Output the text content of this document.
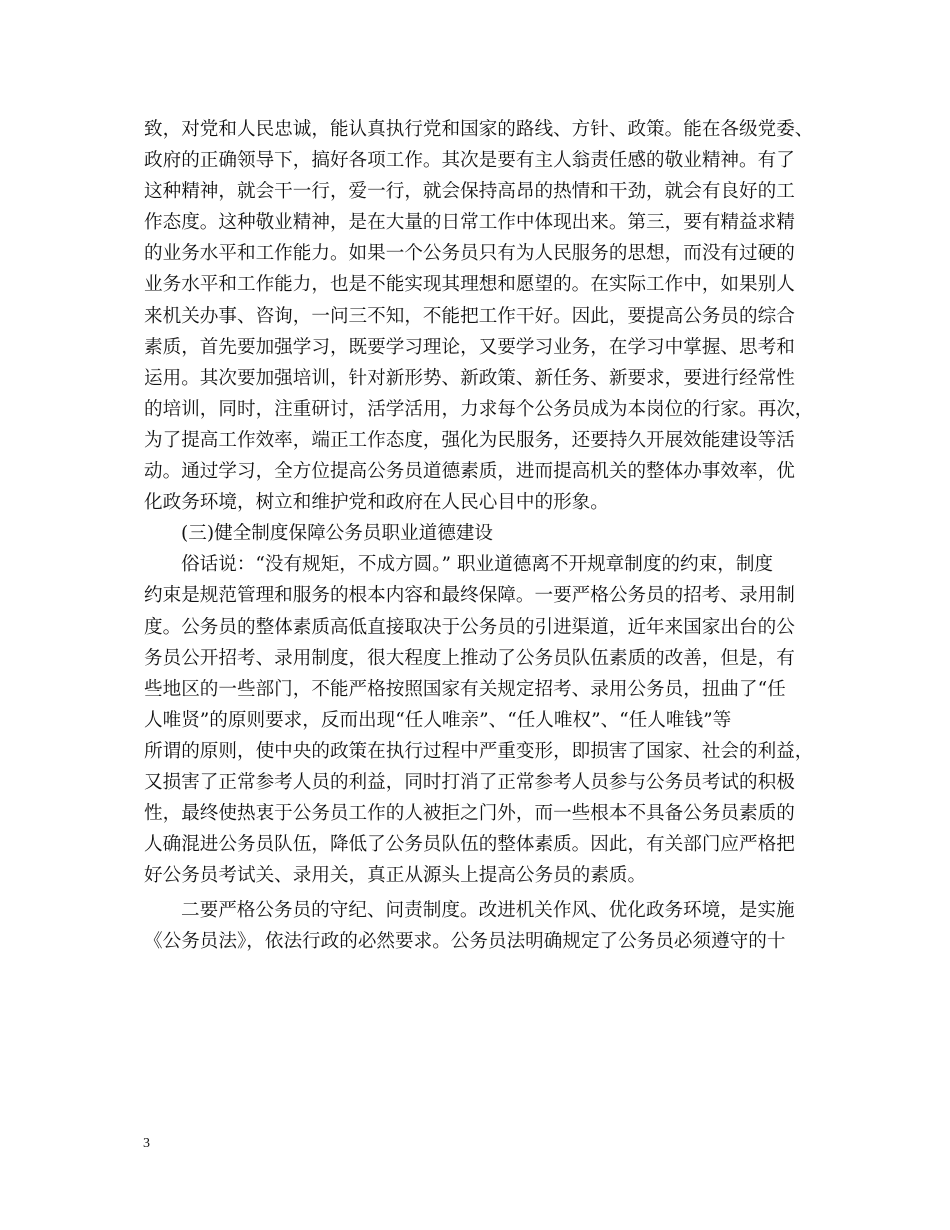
致，对党和人民忠诚，能认真执行党和国家的路线、方针、政策。能在各级党委、
政府的正确领导下，搞好各项工作。其次是要有主人翁责任感的敬业精神。有了
这种精神，就会干一行，爱一行，就会保持高昂的热情和干劲，就会有良好的工
作态度。这种敬业精神，是在大量的日常工作中体现出来。第三，要有精益求精
的业务水平和工作能力。如果一个公务员只有为人民服务的思想，而没有过硬的
业务水平和工作能力，也是不能实现其理想和愿望的。在实际工作中，如果别人
来机关办事、咨询，一问三不知，不能把工作干好。因此，要提高公务员的综合
素质，首先要加强学习，既要学习理论，又要学习业务，在学习中掌握、思考和
运用。其次要加强培训，针对新形势、新政策、新任务、新要求，要进行经常性
的培训，同时，注重研讨，活学活用，力求每个公务员成为本岗位的行家。再次，
为了提高工作效率，端正工作态度，强化为民服务，还要持久开展效能建设等活
动。通过学习，全方位提高公务员道德素质，进而提高机关的整体办事效率，优
化政务环境，树立和维护党和政府在人民心目中的形象。
(三)健全制度保障公务员职业道德建设
俗话说：“没有规矩，不成方圆。” 职业道德离不开规章制度的约束，制度
约束是规范管理和服务的根本内容和最终保障。一要严格公务员的招考、录用制
度。公务员的整体素质高低直接取决于公务员的引进渠道，近年来国家出台的公
务员公开招考、录用制度，很大程度上推动了公务员队伍素质的改善，但是，有
些地区的一些部门，不能严格按照国家有关规定招考、录用公务员，扭曲了“任
人唯贤”的原则要求，反而出现“任人唯亲”、“任人唯权”、“任人唯钱”等
所谓的原则，使中央的政策在执行过程中严重变形，即损害了国家、社会的利益，
又损害了正常参考人员的利益，同时打消了正常参考人员参与公务员考试的积极
性，最终使热衷于公务员工作的人被拒之门外，而一些根本不具备公务员素质的
人确混进公务员队伍，降低了公务员队伍的整体素质。因此，有关部门应严格把
好公务员考试关、录用关，真正从源头上提高公务员的素质。
二要严格公务员的守纪、问责制度。改进机关作风、优化政务环境，是实施
《公务员法》，依法行政的必然要求。公务员法明确规定了公务员必须遵守的十
3
